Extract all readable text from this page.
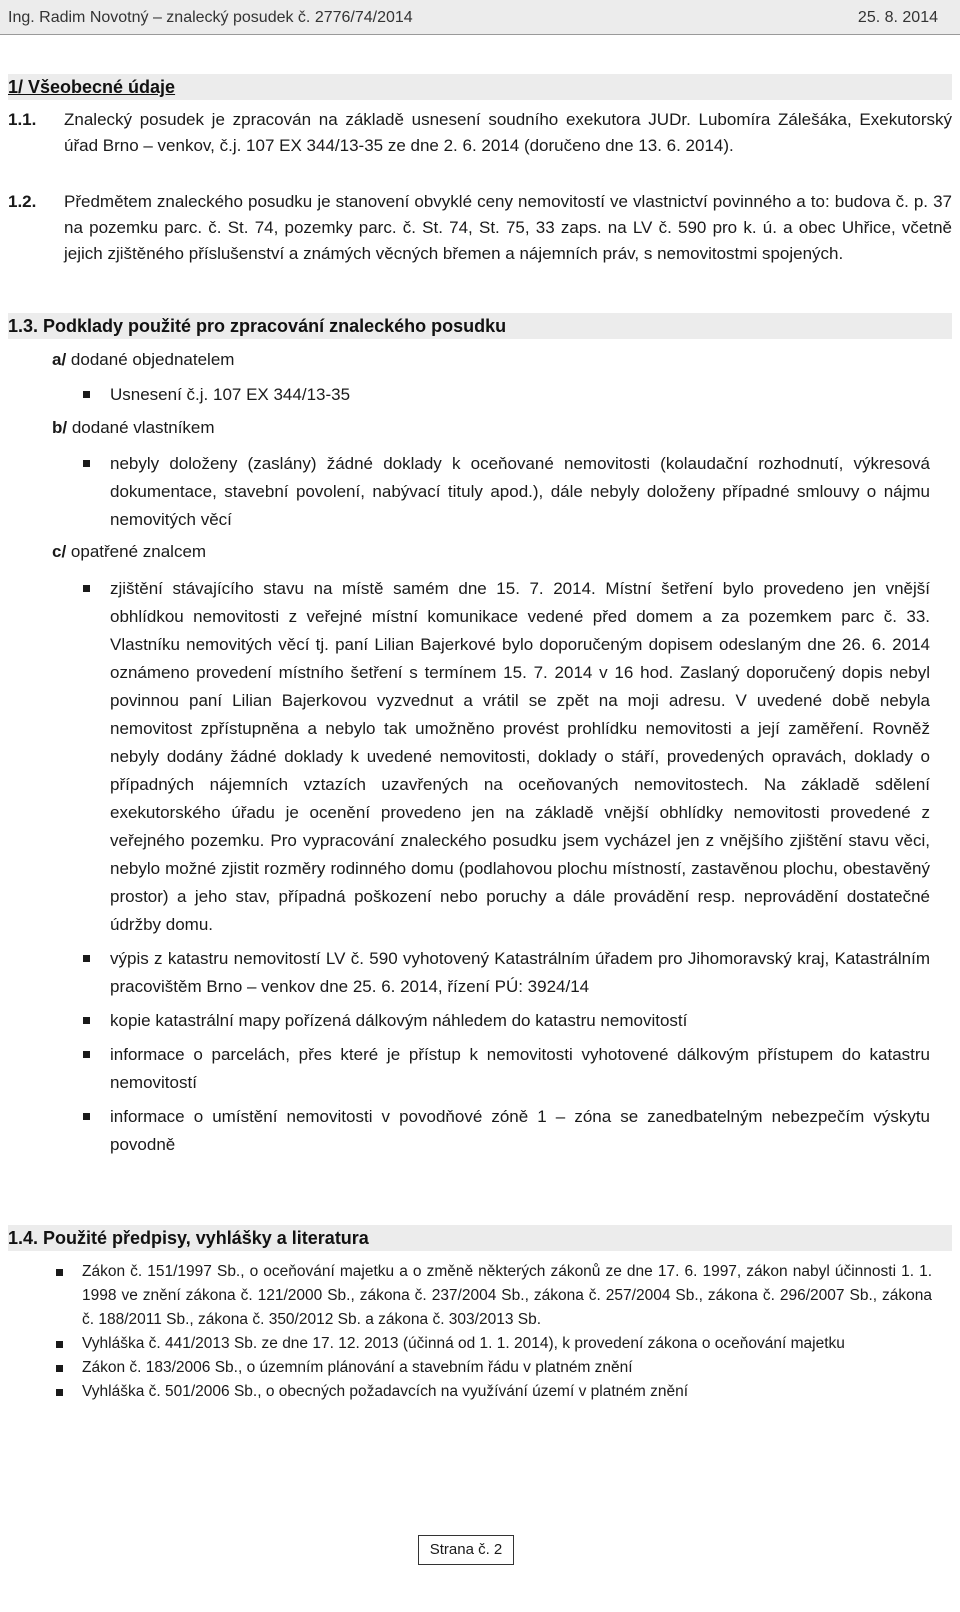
Ing. Radim Novotný – znalecký posudek č. 2776/74/2014	25. 8. 2014
1/ Všeobecné údaje
1.1. Znalecký posudek je zpracován na základě usnesení soudního exekutora JUDr. Lubomíra Zálešáka, Exekutorský úřad Brno – venkov, č.j. 107 EX 344/13-35 ze dne 2. 6. 2014 (doručeno dne 13. 6. 2014).
1.2. Předmětem znaleckého posudku je stanovení obvyklé ceny nemovitostí ve vlastnictví povinného a to: budova č. p. 37 na pozemku parc. č. St. 74, pozemky parc. č. St. 74, St. 75, 33 zaps. na LV č. 590 pro k. ú. a obec Uhřice, včetně jejich zjištěného příslušenství a známých věcných břemen a nájemních práv, s nemovitostmi spojených.
1.3. Podklady použité pro zpracování znaleckého posudku
a/ dodané objednatelem
Usnesení č.j. 107 EX 344/13-35
b/ dodané vlastníkem
nebyly doloženy (zaslány) žádné doklady k oceňované nemovitosti (kolaudační rozhodnutí, výkresová dokumentace, stavební povolení, nabývací tituly apod.), dále nebyly doloženy případné smlouvy o nájmu nemovitých věcí
c/ opatřené znalcem
zjištění stávajícího stavu na místě samém dne 15. 7. 2014. Místní šetření bylo provedeno jen vnější obhlídkou nemovitosti z veřejné místní komunikace vedené před domem a za pozemkem parc č. 33. Vlastníku nemovitých věcí tj. paní Lilian Bajerkové bylo doporučeným dopisem odeslaným dne 26. 6. 2014 oznámeno provedení místního šetření s termínem 15. 7. 2014 v 16 hod. Zaslaný doporučený dopis nebyl povinnou paní Lilian Bajerkovou vyzvednut a vrátil se zpět na moji adresu. V uvedené době nebyla nemovitost zpřístupněna a nebylo tak umožněno provést prohlídku nemovitosti a její zaměření. Rovněž nebyly dodány žádné doklady k uvedené nemovitosti, doklady o stáří, provedených opravách, doklady o případných nájemních vztazích uzavřených na oceňovaných nemovitostech. Na základě sdělení exekutorského úřadu je ocenění provedeno jen na základě vnější obhlídky nemovitosti provedené z veřejného pozemku. Pro vypracování znaleckého posudku jsem vycházel jen z vnějšího zjištění stavu věci, nebylo možné zjistit rozměry rodinného domu (podlahovou plochu místností, zastavěnou plochu, obestavěný prostor) a jeho stav, případná poškození nebo poruchy a dále provádění resp. neprovádění dostatečné údržby domu.
výpis z katastru nemovitostí LV č. 590 vyhotovený Katastrálním úřadem pro Jihomoravský kraj, Katastrálním pracovištěm Brno – venkov dne 25. 6. 2014, řízení PÚ: 3924/14
kopie katastrální mapy pořízená dálkovým náhledem do katastru nemovitostí
informace o parcelách, přes které je přístup k nemovitosti vyhotovené dálkovým přístupem do katastru nemovitostí
informace o umístění nemovitosti v povodňové zóně 1 – zóna se zanedbatelným nebezpečím výskytu povodně
1.4. Použité předpisy, vyhlášky a literatura
Zákon č. 151/1997 Sb., o oceňování majetku a o změně některých zákonů ze dne 17. 6. 1997, zákon nabyl účinnosti 1. 1. 1998 ve znění zákona č. 121/2000 Sb., zákona č. 237/2004 Sb., zákona č. 257/2004 Sb., zákona č. 296/2007 Sb., zákona č. 188/2011 Sb., zákona č. 350/2012 Sb. a zákona č. 303/2013 Sb.
Vyhláška č. 441/2013 Sb. ze dne 17. 12. 2013 (účinná od 1. 1. 2014), k provedení zákona o oceňování majetku
Zákon č. 183/2006 Sb., o územním plánování a stavebním řádu v platném znění
Vyhláška č. 501/2006 Sb., o obecných požadavcích na využívání území v platném znění
Strana č. 2
